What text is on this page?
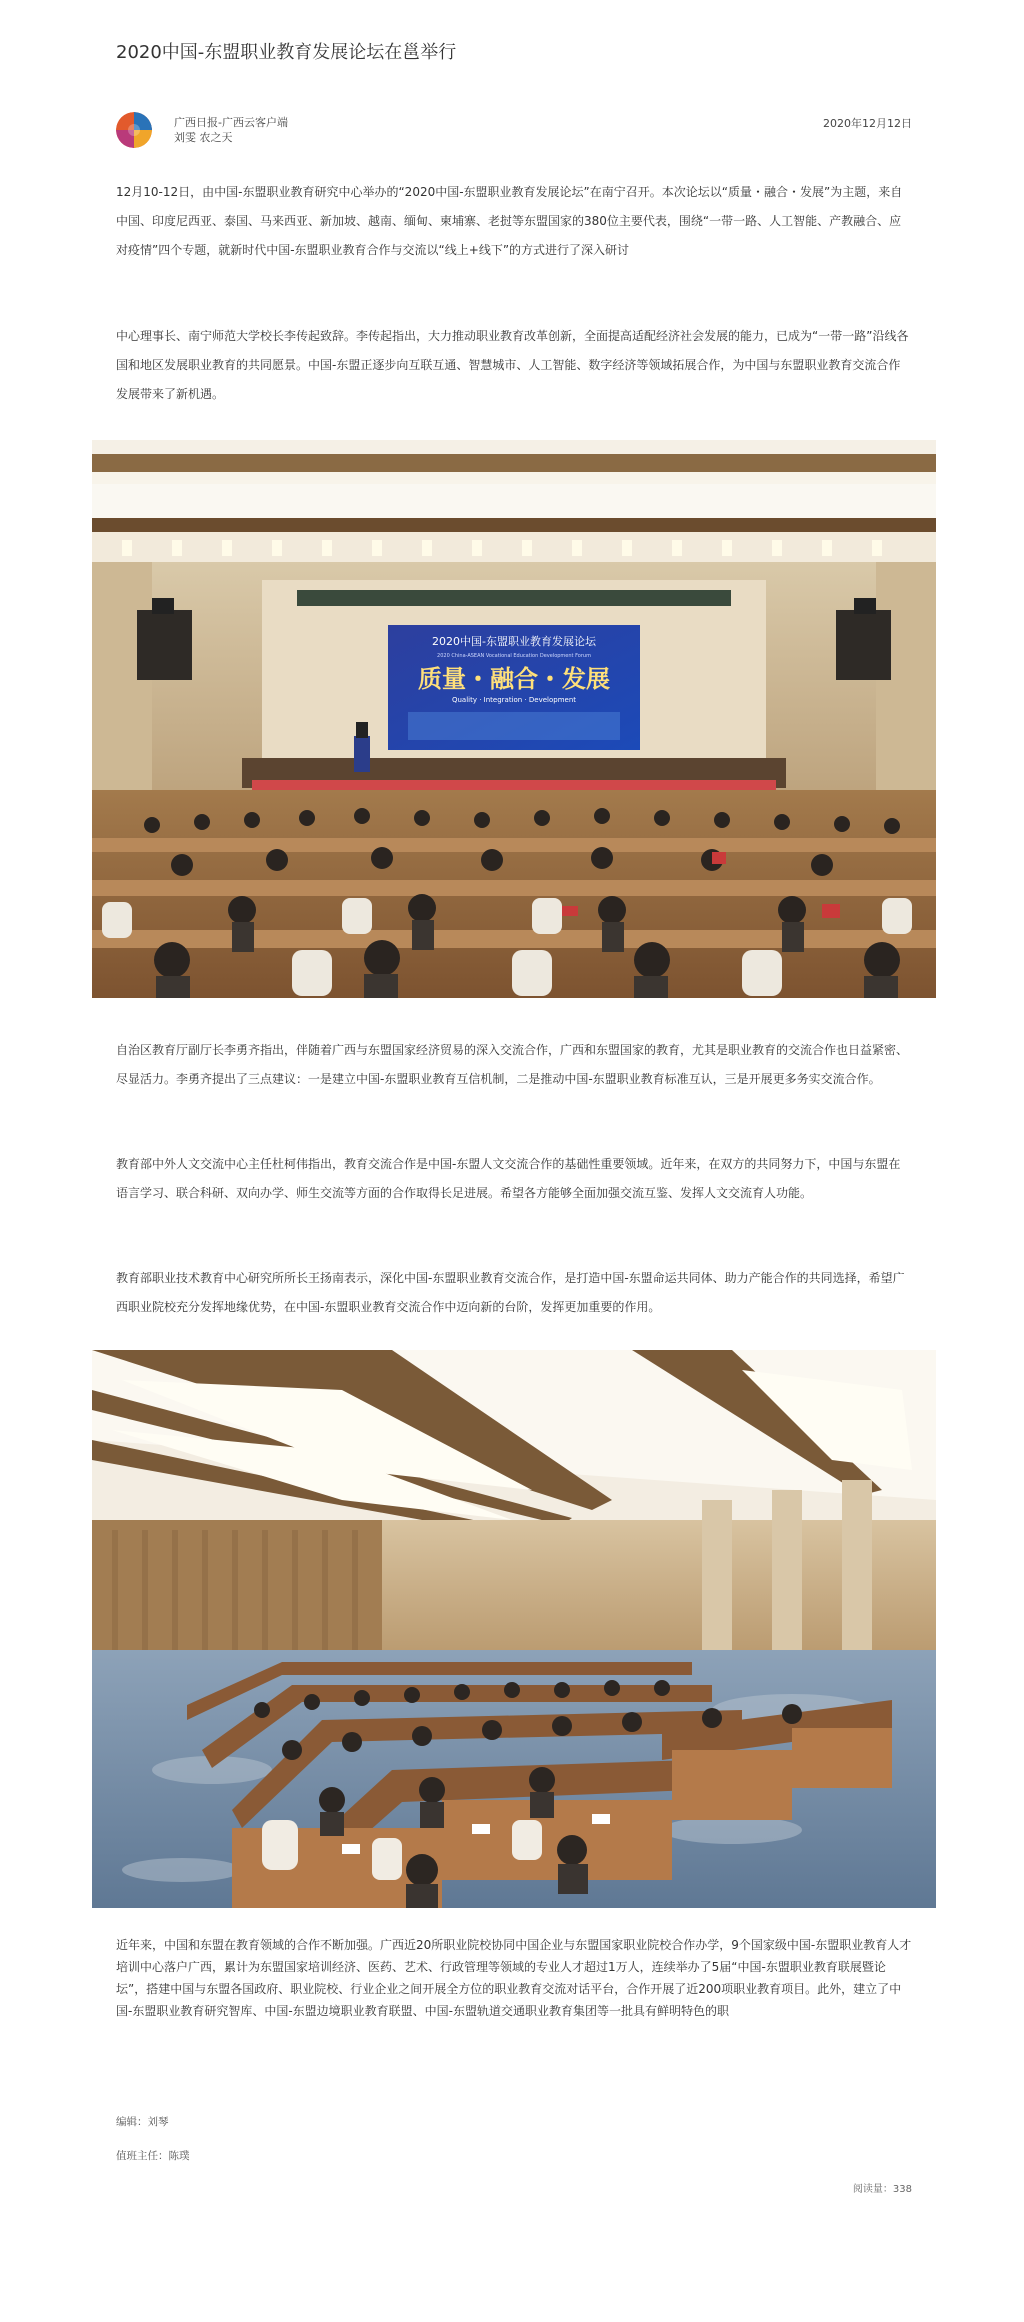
2020中国-东盟职业教育发展论坛在邕举行
广西日报-广西云客户端
刘雯 农之天
2020年12月12日

12月10-12日，由中国-东盟职业教育研究中心举办的“2020中国-东盟职业教育发展论坛”在南宁召开。本次论坛以“质量・融合・发展”为主题，来自中国、印度尼西亚、泰国、马来西亚、新加坡、越南、缅甸、柬埔寨、老挝等东盟国家的380位主要代表，围绕“一带一路、人工智能、产教融合、应对疫情”四个专题，就新时代中国-东盟职业教育合作与交流以“线上+线下”的方式进行了深入研讨

中心理事长、南宁师范大学校长李传起致辞。李传起指出，大力推动职业教育改革创新，全面提高适配经济社会发展的能力，已成为“一带一路”沿线各国和地区发展职业教育的共同愿景。中国-东盟正逐步向互联互通、智慧城市、人工智能、数字经济等领域拓展合作，为中国与东盟职业教育交流合作发展带来了新机遇。

2020中国-东盟职业教育发展论坛
2020 China-ASEAN Vocational Education Development Forum
质量・融合・发展
Quality · Integration · Development

自治区教育厅副厅长李勇齐指出，伴随着广西与东盟国家经济贸易的深入交流合作，广西和东盟国家的教育，尤其是职业教育的交流合作也日益紧密、尽显活力。李勇齐提出了三点建议：一是建立中国-东盟职业教育互信机制，二是推动中国-东盟职业教育标准互认，三是开展更多务实交流合作。

教育部中外人文交流中心主任杜柯伟指出，教育交流合作是中国-东盟人文交流合作的基础性重要领域。近年来，在双方的共同努力下，中国与东盟在语言学习、联合科研、双向办学、师生交流等方面的合作取得长足进展。希望各方能够全面加强交流互鉴、发挥人文交流育人功能。

教育部职业技术教育中心研究所所长王扬南表示，深化中国-东盟职业教育交流合作，是打造中国-东盟命运共同体、助力产能合作的共同选择，希望广西职业院校充分发挥地缘优势，在中国-东盟职业教育交流合作中迈向新的台阶，发挥更加重要的作用。

近年来，中国和东盟在教育领域的合作不断加强。广西近20所职业院校协同中国企业与东盟国家职业院校合作办学，9个国家级中国-东盟职业教育人才培训中心落户广西，累计为东盟国家培训经济、医药、艺术、行政管理等领域的专业人才超过1万人，连续举办了5届“中国-东盟职业教育联展暨论坛”，搭建中国与东盟各国政府、职业院校、行业企业之间开展全方位的职业教育交流对话平台，合作开展了近200项职业教育项目。此外，建立了中国-东盟职业教育研究智库、中国-东盟边境职业教育联盟、中国-东盟轨道交通职业教育集团等一批具有鲜明特色的职

编辑：刘琴
值班主任：陈璞
阅读量：338
